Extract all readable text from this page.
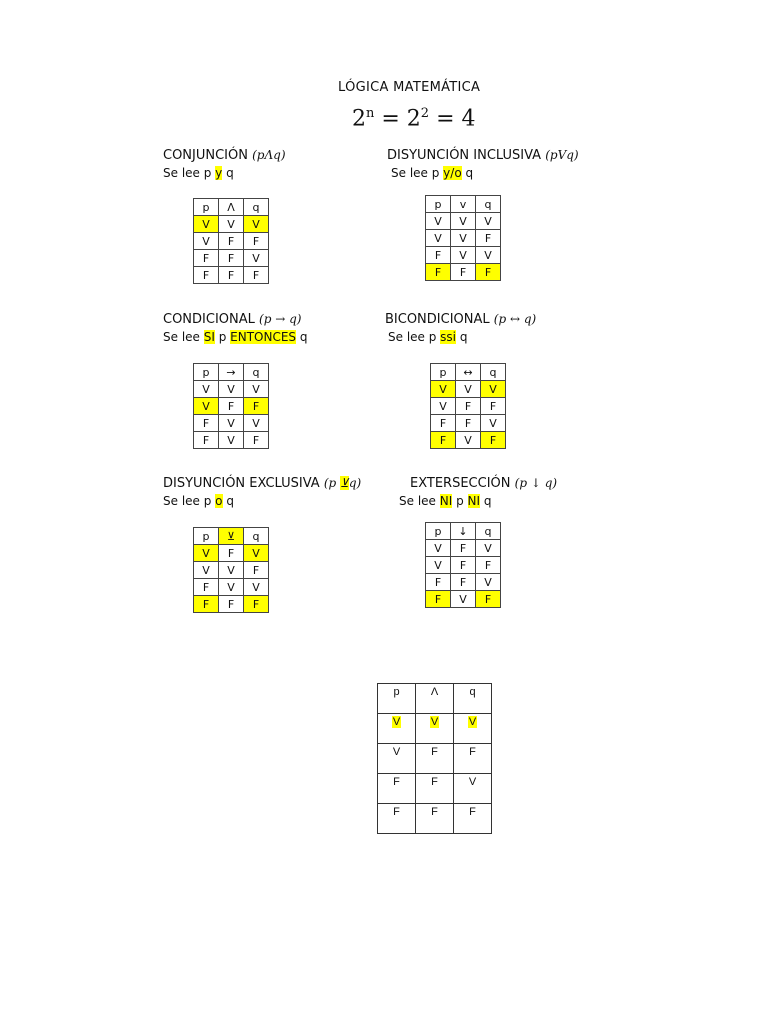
LÓGICA MATEMÁTICA
$2^n = 2^2 = 4$
CONJUNCIÓN (pΛq)
Se lee p y q
p	Λ	q
V	V	V
V	F	F
F	F	V
F	F	F
DISYUNCIÓN INCLUSIVA (pVq)
Se lee p y/o q
p	v	q
V	V	V
V	V	F
F	V	V
F	F	F
CONDICIONAL (p → q)
Se lee SI p ENTONCES q
p	→	q
V	V	V
V	F	F
F	V	V
F	V	F
BICONDICIONAL (p ↔ q)
Se lee p ssi q
p	↔	q
V	V	V
V	F	F
F	F	V
F	V	F
DISYUNCIÓN EXCLUSIVA (p ⊻q)
Se lee p o q
p	⊻	q
V	F	V
V	V	F
F	V	V
F	F	F
EXTERSECCIÓN (p ↓ q)
Se lee NI p NI q
p	↓	q
V	F	V
V	F	F
F	F	V
F	V	F
p	Λ	q
V	V	V
V	F	F
F	F	V
F	F	F
